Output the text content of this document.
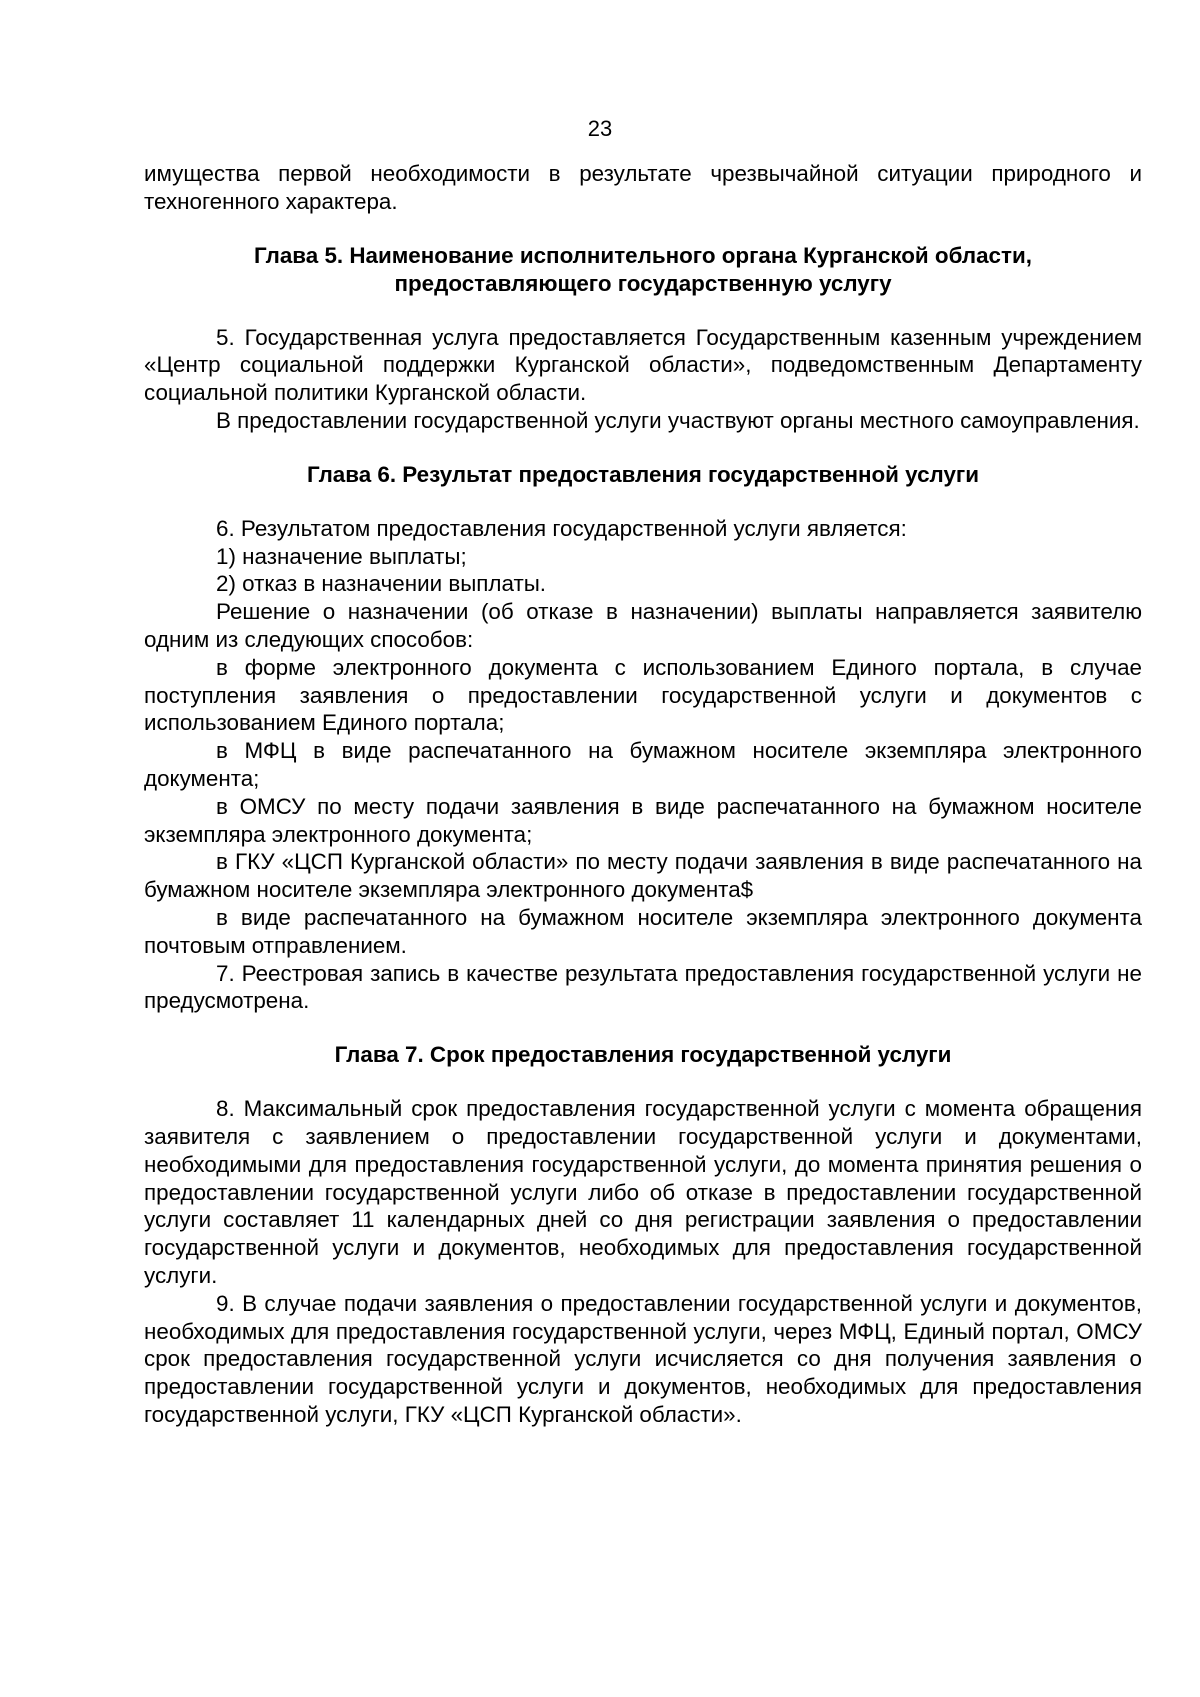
23

имущества первой необходимости в результате чрезвычайной ситуации природного и техногенного характера.

Глава 5. Наименование исполнительного органа Курганской области,
предоставляющего государственную услугу

5. Государственная услуга предоставляется Государственным казенным учреждением «Центр социальной поддержки Курганской области», подведомственным Департаменту социальной политики Курганской области.

В предоставлении государственной услуги участвуют органы местного самоуправления.

Глава 6. Результат предоставления государственной услуги

6. Результатом предоставления государственной услуги является:

1) назначение выплаты;

2) отказ в назначении выплаты.

Решение о назначении (об отказе в назначении) выплаты направляется заявителю одним из следующих способов:

в форме электронного документа с использованием Единого портала, в случае поступления заявления о предоставлении государственной услуги и документов с использованием Единого портала;

в МФЦ в виде распечатанного на бумажном носителе экземпляра электронного документа;

в ОМСУ по месту подачи заявления в виде распечатанного на бумажном носителе экземпляра электронного документа;

в ГКУ «ЦСП Курганской области» по месту подачи заявления в виде распечатанного на бумажном носителе экземпляра электронного документа$

в виде распечатанного на бумажном носителе экземпляра электронного документа почтовым отправлением.

7. Реестровая запись в качестве результата предоставления государственной услуги не предусмотрена.

Глава 7. Срок предоставления государственной услуги

8. Максимальный срок предоставления государственной услуги с момента обращения заявителя с заявлением о предоставлении государственной услуги и документами, необходимыми для предоставления государственной услуги, до момента принятия решения о предоставлении государственной услуги либо об отказе в предоставлении государственной услуги составляет 11 календарных дней со дня регистрации заявления о предоставлении государственной услуги и документов, необходимых для предоставления государственной услуги.

9. В случае подачи заявления о предоставлении государственной услуги и документов, необходимых для предоставления государственной услуги, через МФЦ, Единый портал, ОМСУ срок предоставления государственной услуги исчисляется со дня получения заявления о предоставлении государственной услуги и документов, необходимых для предоставления государственной услуги, ГКУ «ЦСП Курганской области».
